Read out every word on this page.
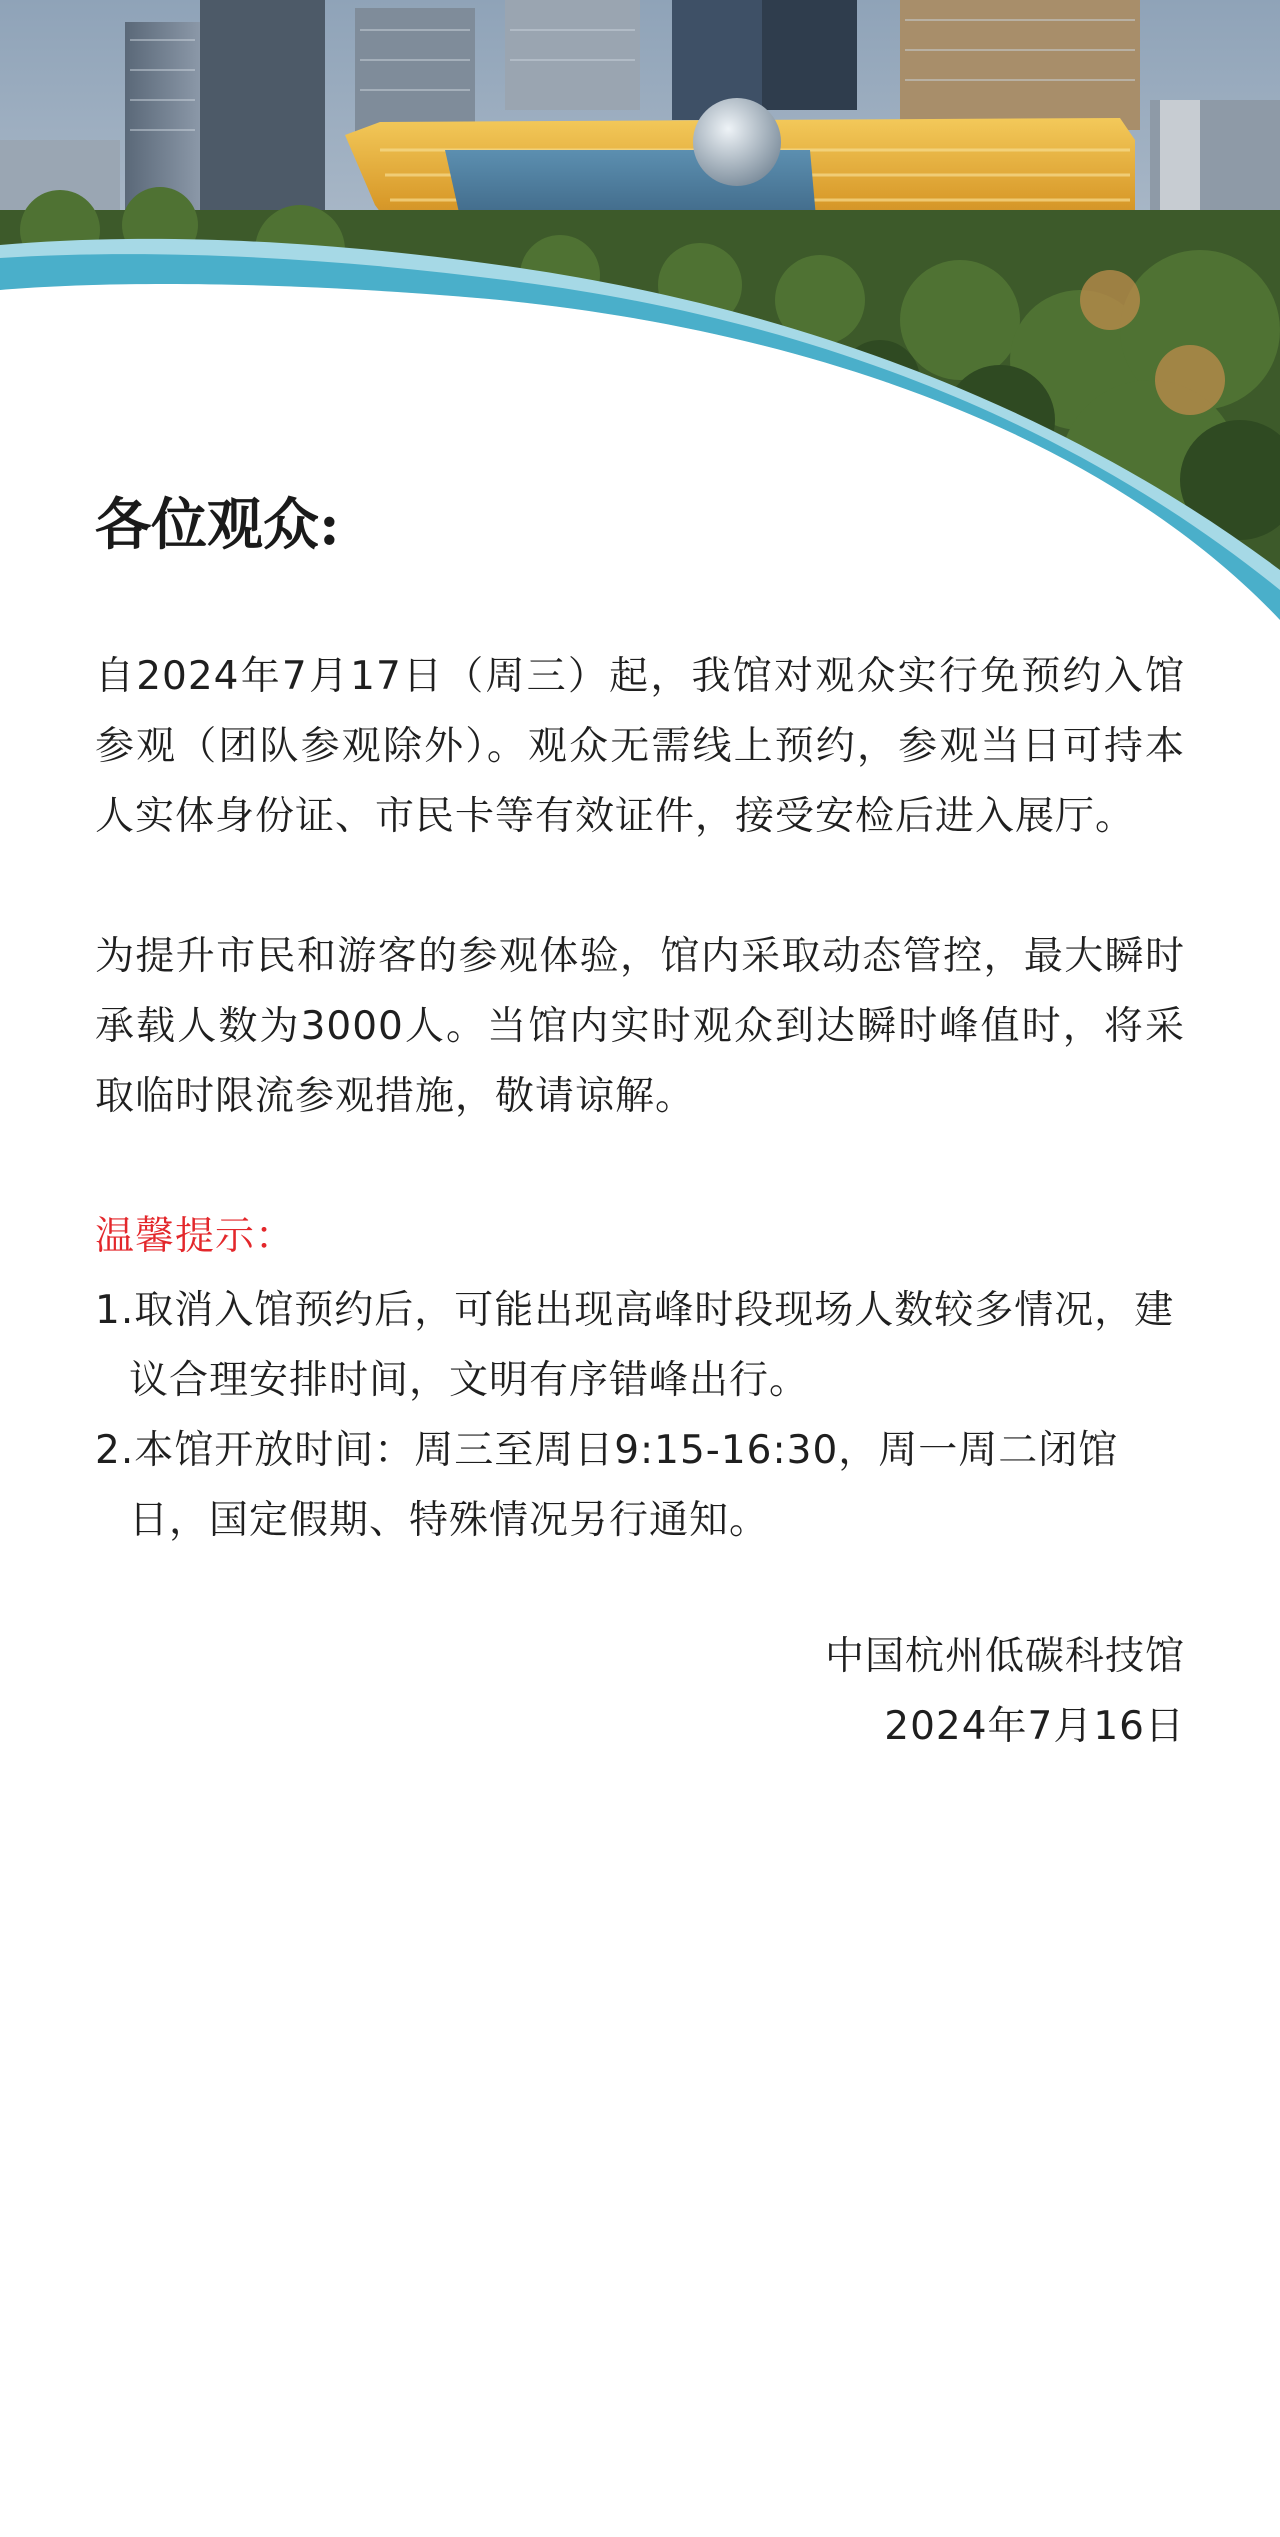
各位观众:

自2024年7月17日（周三）起，我馆对观众实行免预约入馆参观（团队参观除外）。观众无需线上预约，参观当日可持本人实体身份证、市民卡等有效证件，接受安检后进入展厅。

为提升市民和游客的参观体验，馆内采取动态管控，最大瞬时承载人数为3000人。当馆内实时观众到达瞬时峰值时，将采取临时限流参观措施，敬请谅解。

温馨提示：

1.取消入馆预约后，可能出现高峰时段现场人数较多情况，建议合理安排时间，文明有序错峰出行。

2.本馆开放时间：周三至周日9:15-16:30，周一周二闭馆日，国定假期、特殊情况另行通知。

中国杭州低碳科技馆
2024年7月16日
